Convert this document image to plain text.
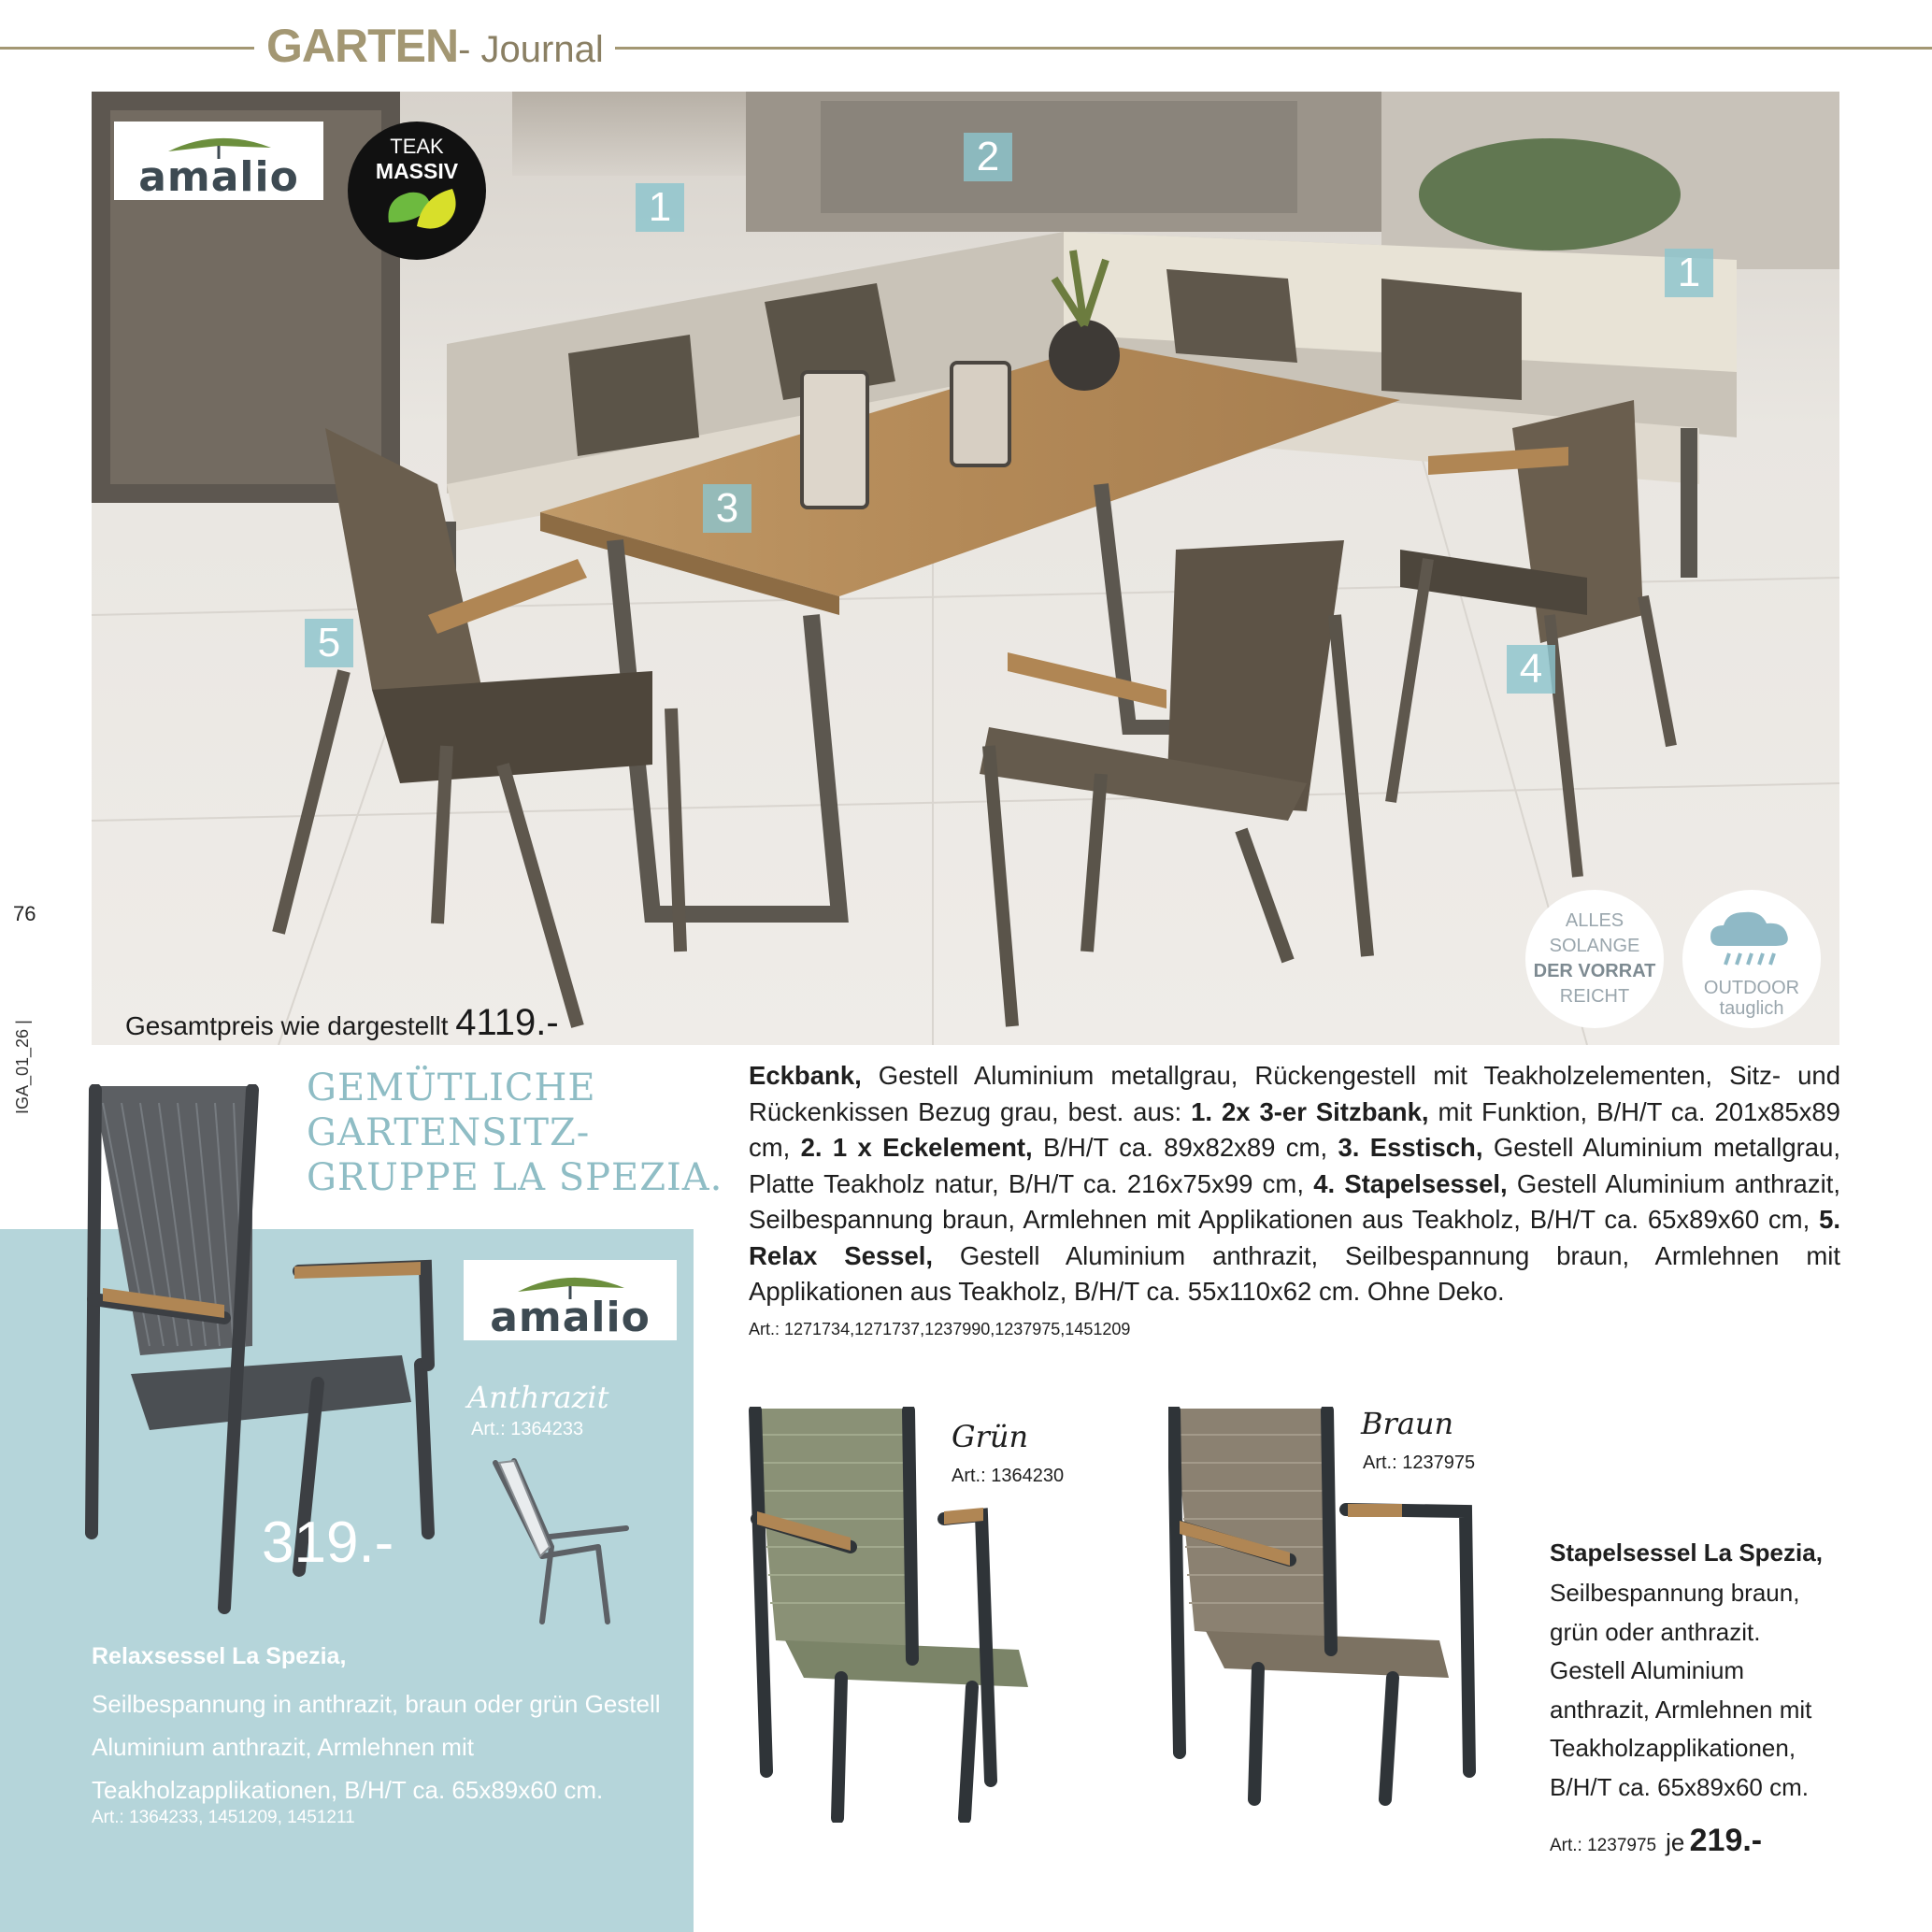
GARTEN- Journal
amalio
1
2
3
4
5
1
TEAK
MASSIV
Gesamtpreis wie dargestellt 4119.-
ALLES
SOLANGE
DER VORRAT
REICHT	OUTDOOR
tauglich
76
IGA_01_26 |	GEMÜTLICHE
GARTENSITZ-
GRUPPE LA SPEZIA.
319.-
amalio
Anthrazit
Art.: 1364233
Relaxsessel La Spezia,
Seilbespannung in anthrazit, braun oder grün Gestell Aluminium anthrazit, Armlehnen mit Teakholzapplikationen, B/H/T ca. 65x89x60 cm.
Art.: 1364233, 1451209, 1451211
Eckbank, Gestell Aluminium metallgrau, Rückengestell mit Teakholzelementen, Sitz- und Rückenkissen Bezug grau, best. aus: 1. 2x 3-er Sitzbank, mit Funktion, B/H/T ca. 201x85x89 cm, 2. 1 x Eckelement, B/H/T ca. 89x82x89 cm, 3. Esstisch, Gestell Aluminium metallgrau, Platte Teakholz natur, B/H/T ca. 216x75x99 cm, 4. Stapelsessel, Gestell Aluminium anthrazit, Seilbespannung braun, Armlehnen mit Applikationen aus Teakholz, B/H/T ca. 65x89x60 cm, 5. Relax Sessel, Gestell Aluminium anthrazit, Seilbespannung braun, Armlehnen mit Applikationen aus Teakholz, B/H/T ca. 55x110x62 cm. Ohne Deko.
Art.: 1271734,1271737,1237990,1237975,1451209
Grün
Art.: 1364230
Braun
Art.: 1237975
Stapelsessel La Spezia,
Seilbespannung braun, grün oder anthrazit. Gestell Aluminium anthrazit, Armlehnen mit Teakholzapplikationen, B/H/T ca. 65x89x60 cm.
Art.: 1237975 je 219.-
